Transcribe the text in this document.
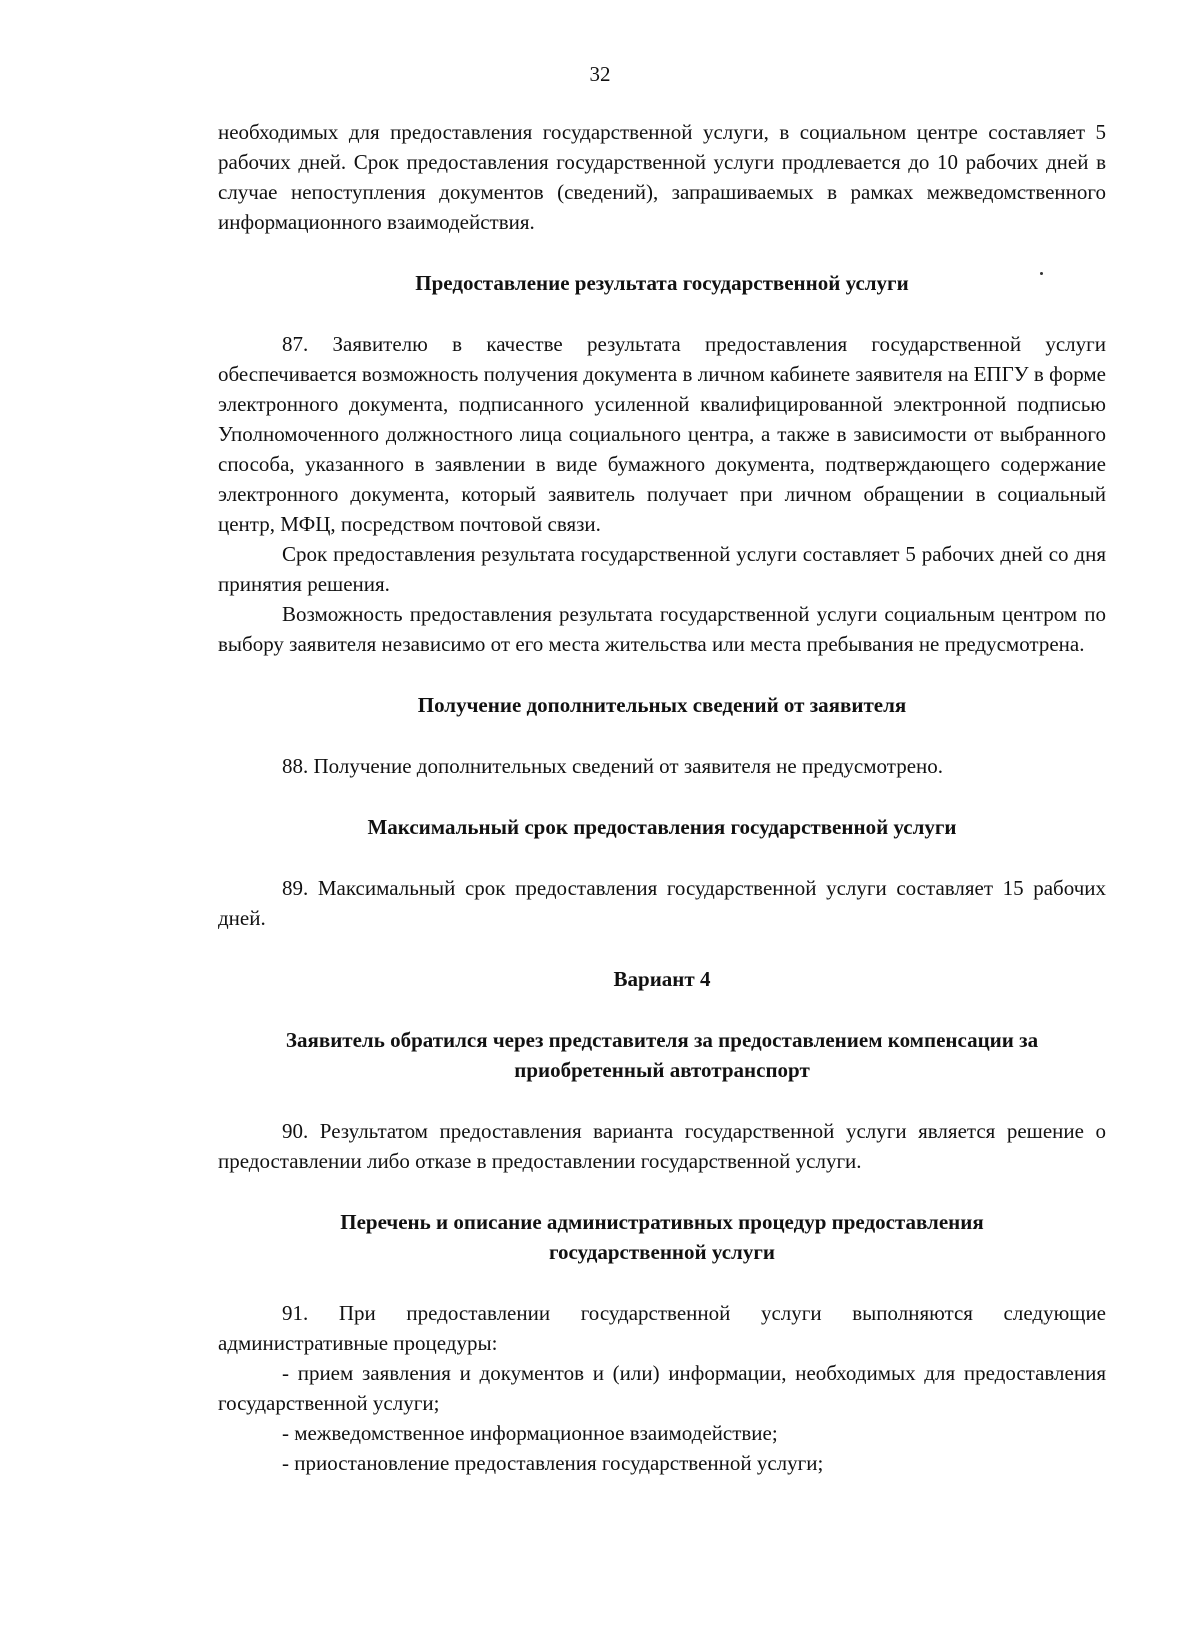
32

необходимых для предоставления государственной услуги, в социальном центре составляет 5 рабочих дней. Срок предоставления государственной услуги продлевается до 10 рабочих дней в случае непоступления документов (сведений), запрашиваемых в рамках межведомственного информационного взаимодействия.

Предоставление результата государственной услуги

87. Заявителю в качестве результата предоставления государственной услуги обеспечивается возможность получения документа в личном кабинете заявителя на ЕПГУ в форме электронного документа, подписанного усиленной квалифицированной электронной подписью Уполномоченного должностного лица социального центра, а также в зависимости от выбранного способа, указанного в заявлении в виде бумажного документа, подтверждающего содержание электронного документа, который заявитель получает при личном обращении в социальный центр, МФЦ, посредством почтовой связи.

Срок предоставления результата государственной услуги составляет 5 рабочих дней со дня принятия решения.

Возможность предоставления результата государственной услуги социальным центром по выбору заявителя независимо от его места жительства или места пребывания не предусмотрена.

Получение дополнительных сведений от заявителя

88. Получение дополнительных сведений от заявителя не предусмотрено.

Максимальный срок предоставления государственной услуги

89. Максимальный срок предоставления государственной услуги составляет 15 рабочих дней.

Вариант 4

Заявитель обратился через представителя за предоставлением компенсации за

приобретенный автотранспорт

90. Результатом предоставления варианта государственной услуги является решение о предоставлении либо отказе в предоставлении государственной услуги.

Перечень и описание административных процедур предоставления

государственной услуги

91. При предоставлении государственной услуги выполняются следующие административные процедуры:

- прием заявления и документов и (или) информации, необходимых для предоставления государственной услуги;

- межведомственное информационное взаимодействие;

- приостановление предоставления государственной услуги;
